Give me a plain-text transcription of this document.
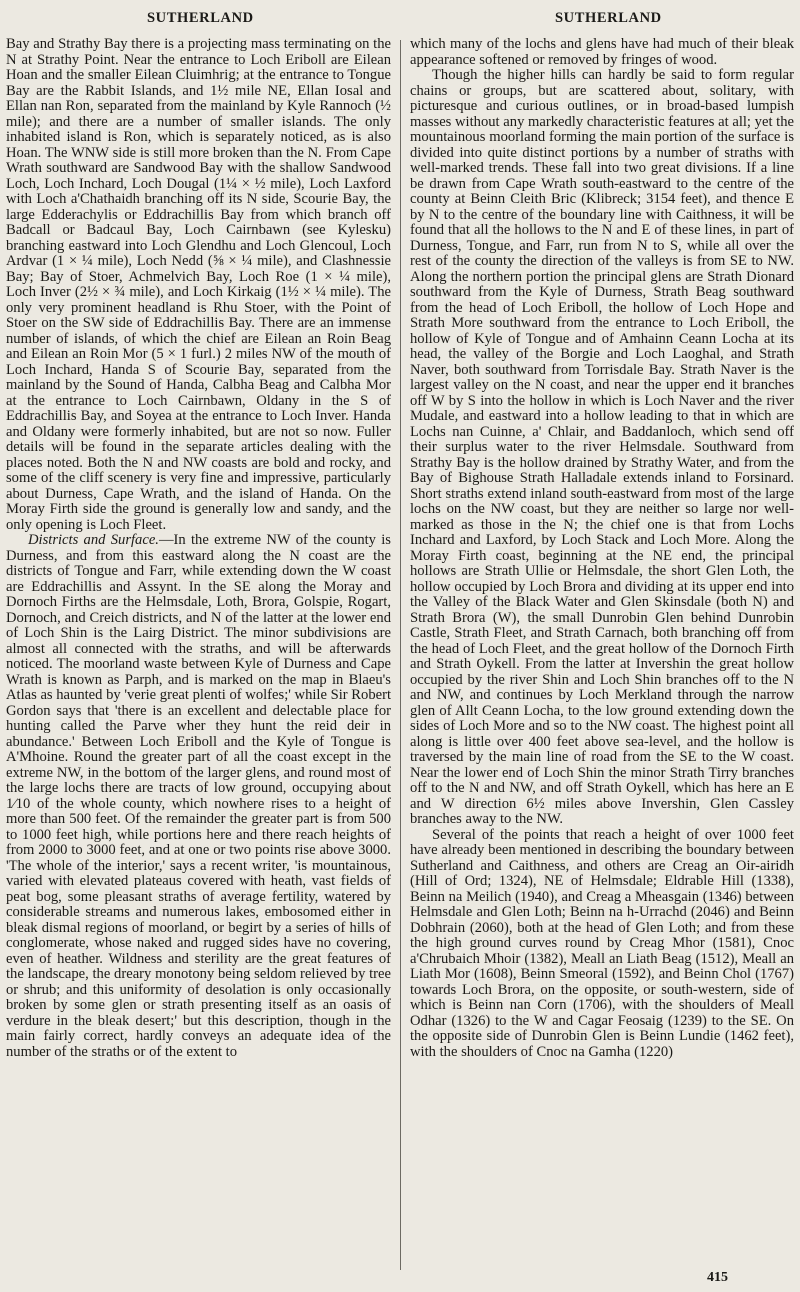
SUTHERLAND	SUTHERLAND

Bay and Strathy Bay there is a projecting mass terminating on the N at Strathy Point. Near the entrance to Loch Eriboll are Eilean Hoan and the smaller Eilean Cluimhrig; at the entrance to Tongue Bay are the Rabbit Islands, and 1½ mile NE, Ellan Iosal and Ellan nan Ron, separated from the mainland by Kyle Rannoch (½ mile); and there are a number of smaller islands. The only inhabited island is Ron, which is separately noticed, as is also Hoan. The WNW side is still more broken than the N. From Cape Wrath southward are Sandwood Bay with the shallow Sandwood Loch, Loch Inchard, Loch Dougal (1¼ × ½ mile), Loch Laxford with Loch a'Chathaidh branching off its N side, Scourie Bay, the large Edderachylis or Eddrachillis Bay from which branch off Badcall or Badcaul Bay, Loch Cairnbawn (see Kylesku) branching eastward into Loch Glendhu and Loch Glencoul, Loch Ardvar (1 × ¼ mile), Loch Nedd (⅝ × ¼ mile), and Clashnessie Bay; Bay of Stoer, Achmelvich Bay, Loch Roe (1 × ¼ mile), Loch Inver (2½ × ¾ mile), and Loch Kirkaig (1½ × ¼ mile). The only very prominent headland is Rhu Stoer, with the Point of Stoer on the SW side of Eddrachillis Bay. There are an immense number of islands, of which the chief are Eilean an Roin Beag and Eilean an Roin Mor (5 × 1 furl.) 2 miles NW of the mouth of Loch Inchard, Handa S of Scourie Bay, separated from the mainland by the Sound of Handa, Calbha Beag and Calbha Mor at the entrance to Loch Cairnbawn, Oldany in the S of Eddrachillis Bay, and Soyea at the entrance to Loch Inver. Handa and Oldany were formerly inhabited, but are not so now. Fuller details will be found in the separate articles dealing with the places noted. Both the N and NW coasts are bold and rocky, and some of the cliff scenery is very fine and impressive, particularly about Durness, Cape Wrath, and the island of Handa. On the Moray Firth side the ground is generally low and sandy, and the only opening is Loch Fleet.

Districts and Surface.—In the extreme NW of the county is Durness, and from this eastward along the N coast are the districts of Tongue and Farr, while extending down the W coast are Eddrachillis and Assynt. In the SE along the Moray and Dornoch Firths are the Helmsdale, Loth, Brora, Golspie, Rogart, Dornoch, and Creich districts, and N of the latter at the lower end of Loch Shin is the Lairg District. The minor subdivisions are almost all connected with the straths, and will be afterwards noticed. The moorland waste between Kyle of Durness and Cape Wrath is known as Parph, and is marked on the map in Blaeu's Atlas as haunted by 'verie great plenti of wolfes;' while Sir Robert Gordon says that 'there is an excellent and delectable place for hunting called the Parve wher they hunt the reid deir in abundance.' Between Loch Eriboll and the Kyle of Tongue is A'Mhoine. Round the greater part of all the coast except in the extreme NW, in the bottom of the larger glens, and round most of the large lochs there are tracts of low ground, occupying about 1⁄10 of the whole county, which nowhere rises to a height of more than 500 feet. Of the remainder the greater part is from 500 to 1000 feet high, while portions here and there reach heights of from 2000 to 3000 feet, and at one or two points rise above 3000. 'The whole of the interior,' says a recent writer, 'is mountainous, varied with elevated plateaus covered with heath, vast fields of peat bog, some pleasant straths of average fertility, watered by considerable streams and numerous lakes, embosomed either in bleak dismal regions of moorland, or begirt by a series of hills of conglomerate, whose naked and rugged sides have no covering, even of heather. Wildness and sterility are the great features of the landscape, the dreary monotony being seldom relieved by tree or shrub; and this uniformity of desolation is only occasionally broken by some glen or strath presenting itself as an oasis of verdure in the bleak desert;' but this description, though in the main fairly correct, hardly conveys an adequate idea of the number of the straths or of the extent to

which many of the lochs and glens have had much of their bleak appearance softened or removed by fringes of wood.

Though the higher hills can hardly be said to form regular chains or groups, but are scattered about, solitary, with picturesque and curious outlines, or in broad-based lumpish masses without any markedly characteristic features at all; yet the mountainous moorland forming the main portion of the surface is divided into quite distinct portions by a number of straths with well-marked trends. These fall into two great divisions. If a line be drawn from Cape Wrath south-eastward to the centre of the county at Beinn Cleith Bric (Klibreck; 3154 feet), and thence E by N to the centre of the boundary line with Caithness, it will be found that all the hollows to the N and E of these lines, in part of Durness, Tongue, and Farr, run from N to S, while all over the rest of the county the direction of the valleys is from SE to NW. Along the northern portion the principal glens are Strath Dionard southward from the Kyle of Durness, Strath Beag southward from the head of Loch Eriboll, the hollow of Loch Hope and Strath More southward from the entrance to Loch Eriboll, the hollow of Kyle of Tongue and of Amhainn Ceann Locha at its head, the valley of the Borgie and Loch Laoghal, and Strath Naver, both southward from Torrisdale Bay. Strath Naver is the largest valley on the N coast, and near the upper end it branches off W by S into the hollow in which is Loch Naver and the river Mudale, and eastward into a hollow leading to that in which are Lochs nan Cuinne, a' Chlair, and Baddanloch, which send off their surplus water to the river Helmsdale. Southward from Strathy Bay is the hollow drained by Strathy Water, and from the Bay of Bighouse Strath Halladale extends inland to Forsinard. Short straths extend inland south-eastward from most of the large lochs on the NW coast, but they are neither so large nor well-marked as those in the N; the chief one is that from Lochs Inchard and Laxford, by Loch Stack and Loch More. Along the Moray Firth coast, beginning at the NE end, the principal hollows are Strath Ullie or Helmsdale, the short Glen Loth, the hollow occupied by Loch Brora and dividing at its upper end into the Valley of the Black Water and Glen Skinsdale (both N) and Strath Brora (W), the small Dunrobin Glen behind Dunrobin Castle, Strath Fleet, and Strath Carnach, both branching off from the head of Loch Fleet, and the great hollow of the Dornoch Firth and Strath Oykell. From the latter at Invershin the great hollow occupied by the river Shin and Loch Shin branches off to the N and NW, and continues by Loch Merkland through the narrow glen of Allt Ceann Locha, to the low ground extending down the sides of Loch More and so to the NW coast. The highest point all along is little over 400 feet above sea-level, and the hollow is traversed by the main line of road from the SE to the W coast. Near the lower end of Loch Shin the minor Strath Tirry branches off to the N and NW, and off Strath Oykell, which has here an E and W direction 6½ miles above Invershin, Glen Cassley branches away to the NW.

Several of the points that reach a height of over 1000 feet have already been mentioned in describing the boundary between Sutherland and Caithness, and others are Creag an Oir-airidh (Hill of Ord; 1324), NE of Helmsdale; Eldrable Hill (1338), Beinn na Meilich (1940), and Creag a Mheasgain (1346) between Helmsdale and Glen Loth; Beinn na h-Urrachd (2046) and Beinn Dobhrain (2060), both at the head of Glen Loth; and from these the high ground curves round by Creag Mhor (1581), Cnoc a'Chrubaich Mhoir (1382), Meall an Liath Beag (1512), Meall an Liath Mor (1608), Beinn Smeoral (1592), and Beinn Chol (1767) towards Loch Brora, on the opposite, or south-western, side of which is Beinn nan Corn (1706), with the shoulders of Meall Odhar (1326) to the W and Cagar Feosaig (1239) to the SE. On the opposite side of Dunrobin Glen is Beinn Lundie (1462 feet), with the shoulders of Cnoc na Gamha (1220)

415
